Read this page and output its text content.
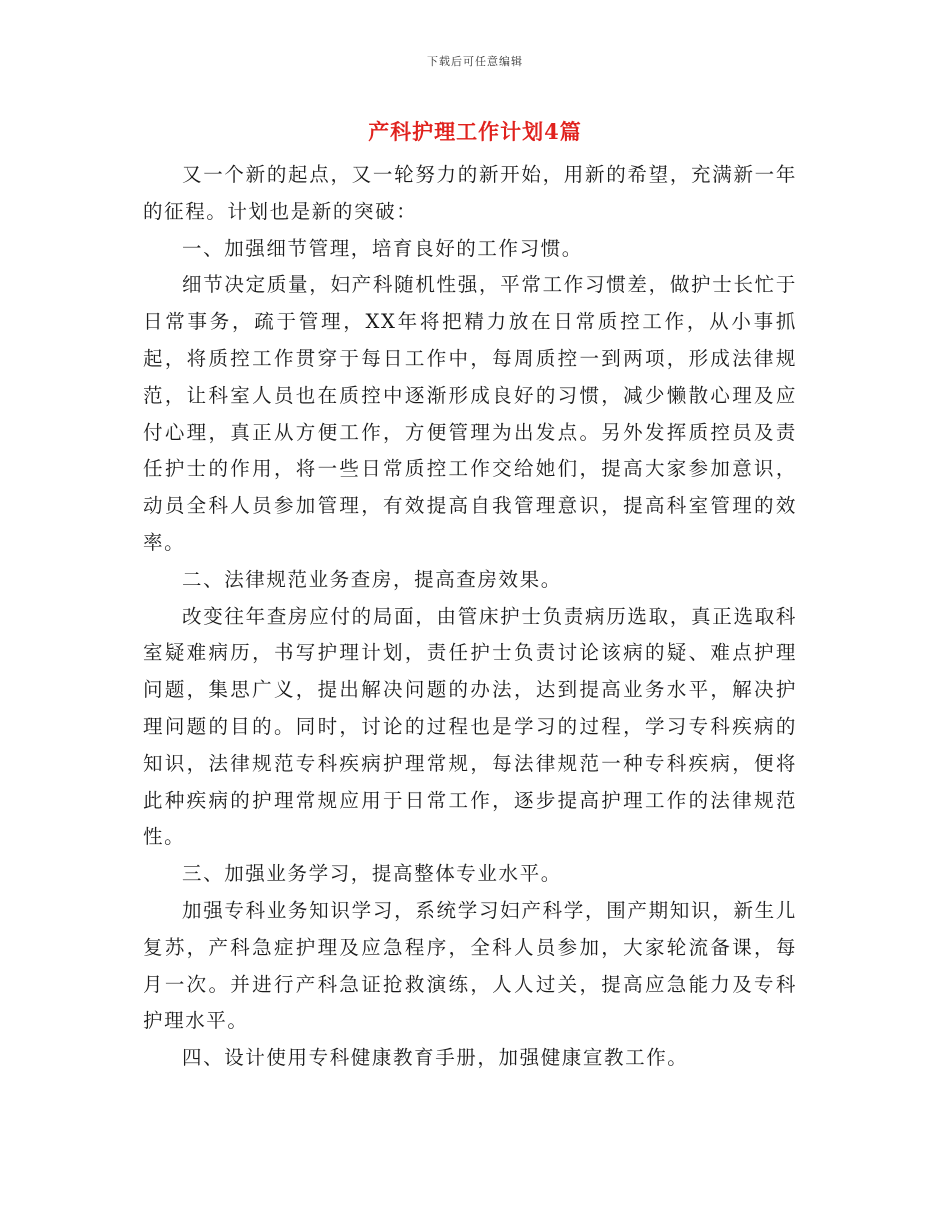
下载后可任意编辑
产科护理工作计划4篇

又一个新的起点，又一轮努力的新开始，用新的希望，充满新一年的征程。计划也是新的突破：

一、加强细节管理，培育良好的工作习惯。

细节决定质量，妇产科随机性强，平常工作习惯差，做护士长忙于日常事务，疏于管理，XX年将把精力放在日常质控工作，从小事抓起，将质控工作贯穿于每日工作中，每周质控一到两项，形成法律规范，让科室人员也在质控中逐渐形成良好的习惯，减少懒散心理及应付心理，真正从方便工作，方便管理为出发点。另外发挥质控员及责任护士的作用，将一些日常质控工作交给她们，提高大家参加意识，动员全科人员参加管理，有效提高自我管理意识，提高科室管理的效率。

二、法律规范业务查房，提高查房效果。

改变往年查房应付的局面，由管床护士负责病历选取，真正选取科室疑难病历，书写护理计划，责任护士负责讨论该病的疑、难点护理问题，集思广义，提出解决问题的办法，达到提高业务水平，解决护理问题的目的。同时，讨论的过程也是学习的过程，学习专科疾病的知识，法律规范专科疾病护理常规，每法律规范一种专科疾病，便将此种疾病的护理常规应用于日常工作，逐步提高护理工作的法律规范性。

三、加强业务学习，提高整体专业水平。

加强专科业务知识学习，系统学习妇产科学，围产期知识，新生儿复苏，产科急症护理及应急程序，全科人员参加，大家轮流备课，每月一次。并进行产科急证抢救演练，人人过关，提高应急能力及专科护理水平。

四、设计使用专科健康教育手册，加强健康宣教工作。
